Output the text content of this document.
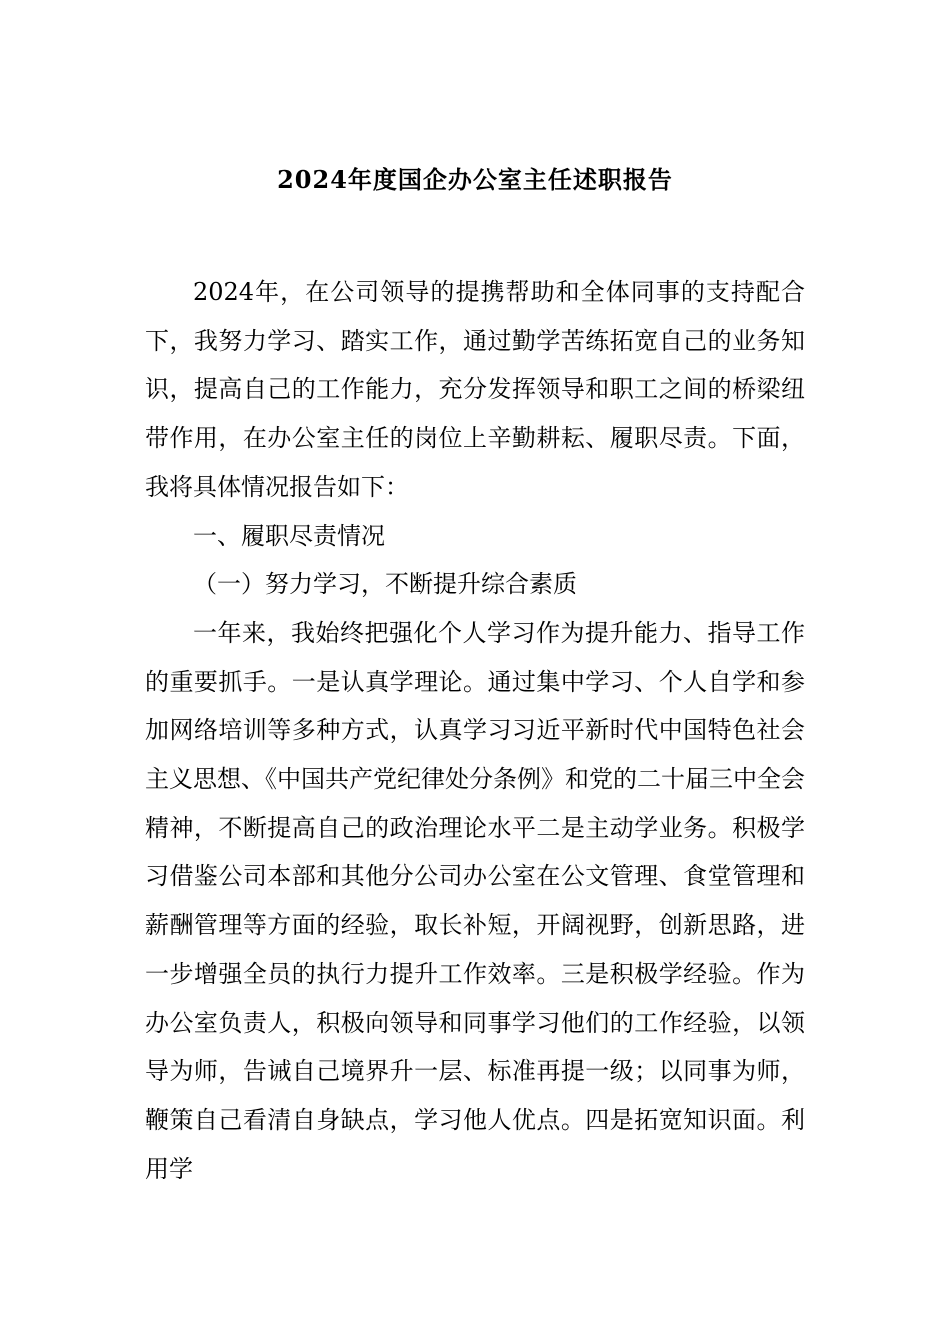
2024年度国企办公室主任述职报告

2024年，在公司领导的提携帮助和全体同事的支持配合下，我努力学习、踏实工作，通过勤学苦练拓宽自己的业务知识，提高自己的工作能力，充分发挥领导和职工之间的桥梁纽带作用，在办公室主任的岗位上辛勤耕耘、履职尽责。下面，我将具体情况报告如下：

一、履职尽责情况

（一）努力学习，不断提升综合素质

一年来，我始终把强化个人学习作为提升能力、指导工作的重要抓手。一是认真学理论。通过集中学习、个人自学和参加网络培训等多种方式，认真学习习近平新时代中国特色社会主义思想、《中国共产党纪律处分条例》和党的二十届三中全会精神，不断提高自己的政治理论水平二是主动学业务。积极学习借鉴公司本部和其他分公司办公室在公文管理、食堂管理和薪酬管理等方面的经验，取长补短，开阔视野，创新思路，进一步增强全员的执行力提升工作效率。三是积极学经验。作为办公室负责人，积极向领导和同事学习他们的工作经验，以领导为师，告诫自己境界升一层、标准再提一级；以同事为师，鞭策自己看清自身缺点，学习他人优点。四是拓宽知识面。利用学
